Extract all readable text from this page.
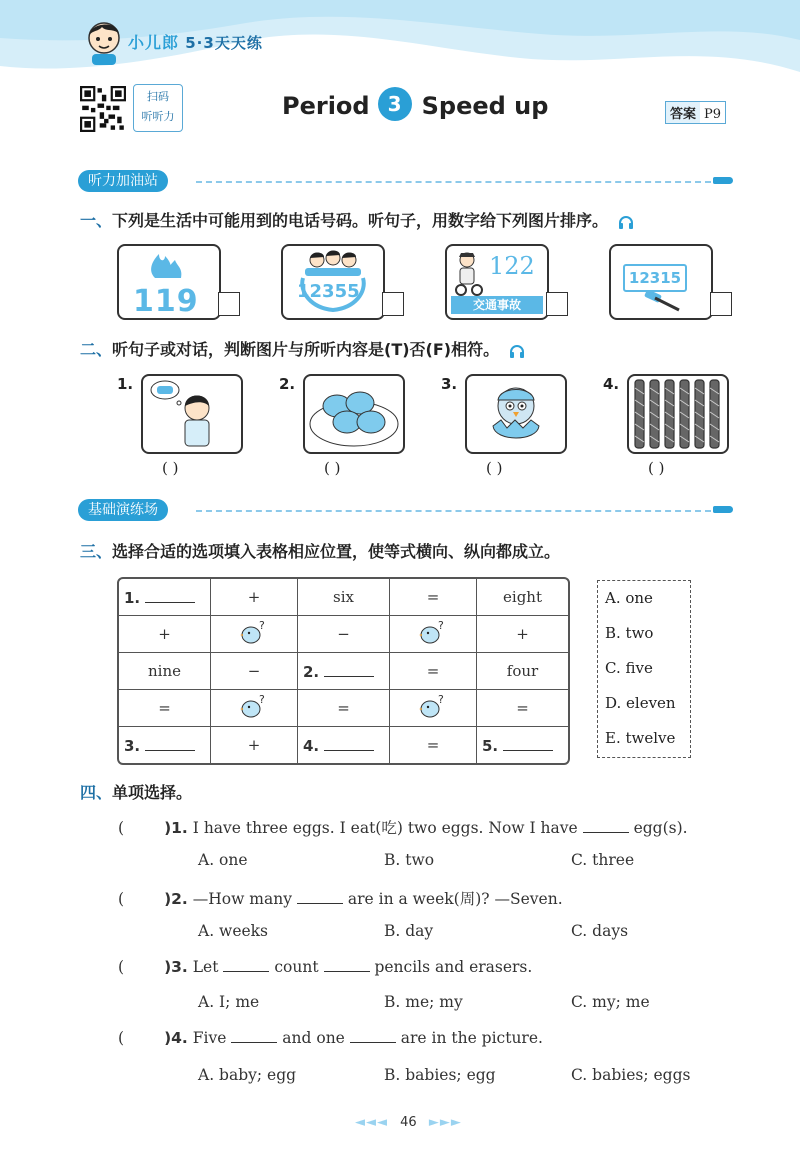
小儿郎 5·3天天练
扫码
听听力	Period 3 Speed up	答案 P9
听力加油站
一、下列是生活中可能用到的电话号码。听句子，用数字给下列图片排序。
119	12355
122
交通事故
12315
二、听句子或对话，判断图片与所听内容是(T)否(F)相符。
1.
( )
2.
( )
3.
( )
4.
( )
基础演练场
三、选择合适的选项填入表格相应位置，使等式横向、纵向都成立。
1.	+	six	=	eight
+	?	−	?	+
nine	−	2.	=	four
=	?	=	?	=
3.	+	4.	=	5.
A. one
B. two
C. five
D. eleven
E. twelve
四、单项选择。
(	)1. I have three eggs. I eat(吃) two eggs. Now I have	egg(s).
A. one	B. two	C. three
(	)2. —How many	are in a week(周)? —Seven.
A. weeks	B. day	C. days
(	)3. Let	count	pencils and erasers.
A. I; me	B. me; my	C. my; me
(	)4. Five	and one	are in the picture.
A. baby; egg	B. babies; egg	C. babies; eggs
◄◄◄ 46 ►►►
